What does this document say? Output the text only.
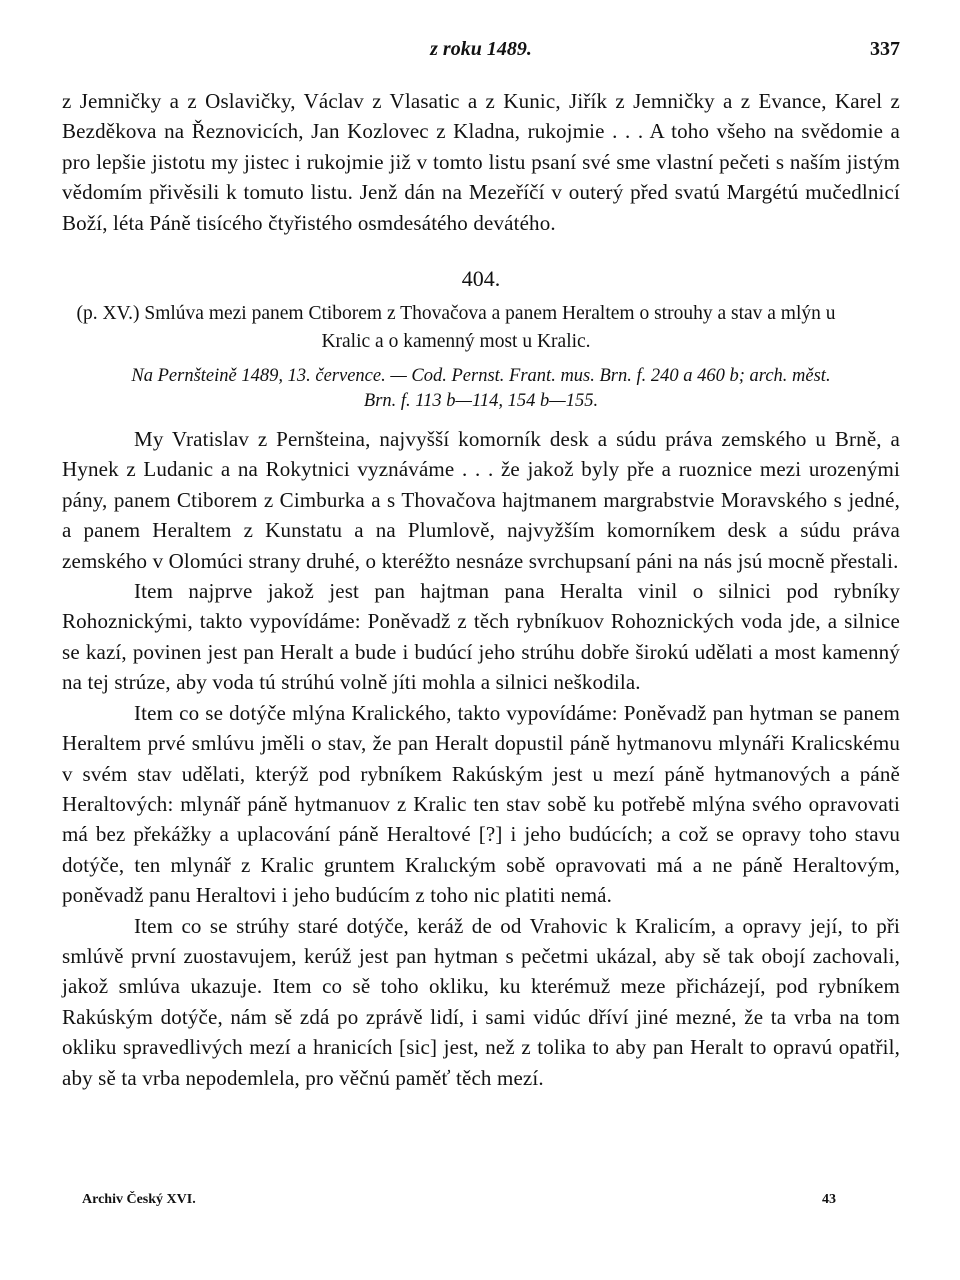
z roku 1489.	337

z Jemničky a z Oslavičky, Václav z Vlasatic a z Kunic, Jiřík z Jemničky a z Evance, Karel z Bezděkova na Řeznovicích, Jan Kozlovec z Kladna, rukojmie . . . A toho všeho na svědomie a pro lepšie jistotu my jistec i rukojmie již v tomto listu psaní své sme vlastní pečeti s naším jistým vědomím přivěsili k tomuto listu. Jenž dán na Mezeříčí v outerý před svatú Margétú mučedlnicí Boží, léta Páně tisícého čtyřistého osmdesátého devátého.

404.
(p. XV.) Smlúva mezi panem Ctiborem z Thovačova a panem Heraltem o strouhy a stav a mlýn u Kralic a o kamenný most u Kralic.
Na Pernšteině 1489, 13. července. — Cod. Pernst. Frant. mus. Brn. f. 240 a 460 b; arch. měst.
Brn. f. 113 b—114, 154 b—155.

My Vratislav z Pernšteina, najvyšší komorník desk a súdu práva zemského u Brně, a Hynek z Ludanic a na Rokytnici vyznáváme . . . že jakož byly pře a ruoznice mezi urozenými pány, panem Ctiborem z Cimburka a s Thovačova hajtmanem margrabstvie Moravského s jedné, a panem Heraltem z Kunstatu a na Plumlově, najvyžším komorníkem desk a súdu práva zemského v Olomúci strany druhé, o kteréžto nesnáze svrchupsaní páni na nás jsú mocně přestali.

Item najprve jakož jest pan hajtman pana Heralta vinil o silnici pod rybníky Rohoznickými, takto vypovídáme: Poněvadž z těch rybníkuov Rohoznických voda jde, a silnice se kazí, povinen jest pan Heralt a bude i budúcí jeho strúhu dobře širokú udělati a most kamenný na tej strúze, aby voda tú strúhú volně jíti mohla a silnici neškodila.

Item co se dotýče mlýna Kralického, takto vypovídáme: Poněvadž pan hytman se panem Heraltem prvé smlúvu jměli o stav, že pan Heralt dopustil páně hytmanovu mlynáři Kralicskému v svém stav udělati, kterýž pod rybníkem Rakúským jest u mezí páně hytmanových a páně Heraltových: mlynář páně hytmanuov z Kralic ten stav sobě ku potřebě mlýna svého opravovati má bez překážky a uplacování páně Heraltové [?] i jeho budúcích; a což se opravy toho stavu dotýče, ten mlynář z Kralic gruntem Kralıckým sobě opravovati má a ne páně Heraltovým, poněvadž panu Heraltovi i jeho budúcím z toho nic platiti nemá.

Item co se strúhy staré dotýče, keráž de od Vrahovic k Kralicím, a opravy její, to při smlúvě první zuostavujem, kerúž jest pan hytman s pečetmi ukázal, aby sě tak obojí zachovali, jakož smlúva ukazuje. Item co sě toho okliku, ku kterémuž meze přicházejí, pod rybníkem Rakúským dotýče, nám sě zdá po zprávě lidí, i sami vidúc dříví jiné mezné, že ta vrba na tom okliku spravedlivých mezí a hranicích [sic] jest, než z tolika to aby pan Heralt to opravú opatřil, aby sě ta vrba nepodemlela, pro věčnú paměť těch mezí.

Archiv Český XVI.	43
